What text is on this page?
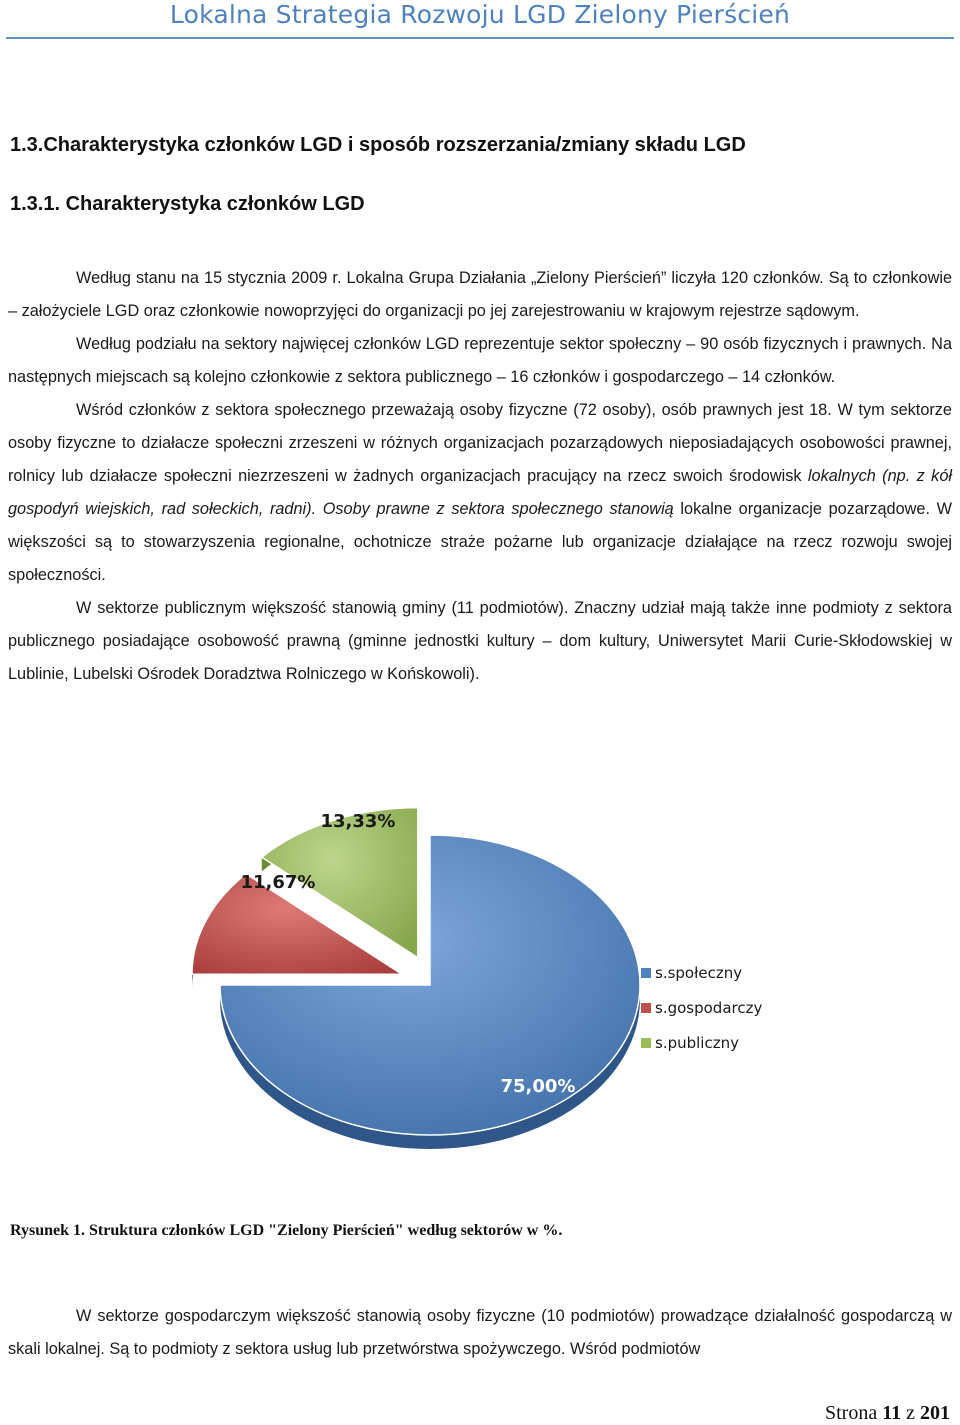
Lokalna Strategia Rozwoju LGD Zielony Pierścień
1.3.Charakterystyka członków LGD i sposób rozszerzania/zmiany składu LGD
1.3.1. Charakterystyka członków LGD

Według stanu na 15 stycznia 2009 r. Lokalna Grupa Działania „Zielony Pierścień” liczyła 120 członków. Są to członkowie – założyciele LGD oraz członkowie nowoprzyjęci do organizacji po jej zarejestrowaniu w krajowym rejestrze sądowym.

Według podziału na sektory najwięcej członków LGD reprezentuje sektor społeczny – 90 osób fizycznych i prawnych. Na następnych miejscach są kolejno członkowie z sektora publicznego – 16 członków i gospodarczego – 14 członków.

Wśród członków z sektora społecznego przeważają osoby fizyczne (72 osoby), osób prawnych jest 18. W tym sektorze osoby fizyczne to działacze społeczni zrzeszeni w różnych organizacjach pozarządowych nieposiadających osobowości prawnej, rolnicy lub działacze społeczni niezrzeszeni w żadnych organizacjach pracujący na rzecz swoich środowisk lokalnych (np. z kół gospodyń wiejskich, rad sołeckich, radni). Osoby prawne z sektora społecznego stanowią lokalne organizacje pozarządowe. W większości są to stowarzyszenia regionalne, ochotnicze straże pożarne lub organizacje działające na rzecz rozwoju swojej społeczności.

W sektorze publicznym większość stanowią gminy (11 podmiotów). Znaczny udział mają także inne podmioty z sektora publicznego posiadające osobowość prawną (gminne jednostki kultury – dom kultury, Uniwersytet Marii Curie-Skłodowskiej w Lublinie, Lubelski Ośrodek Doradztwa Rolniczego w Końskowoli).

75,00%
11,67%
13,33%
s.społeczny
s.gospodarczy
s.publiczny
Rysunek 1. Struktura członków LGD "Zielony Pierścień" według sektorów w %.

W sektorze gospodarczym większość stanowią osoby fizyczne (10 podmiotów) prowadzące działalność gospodarczą w skali lokalnej. Są to podmioty z sektora usług lub przetwórstwa spożywczego. Wśród podmiotów

Strona 11 z 201
